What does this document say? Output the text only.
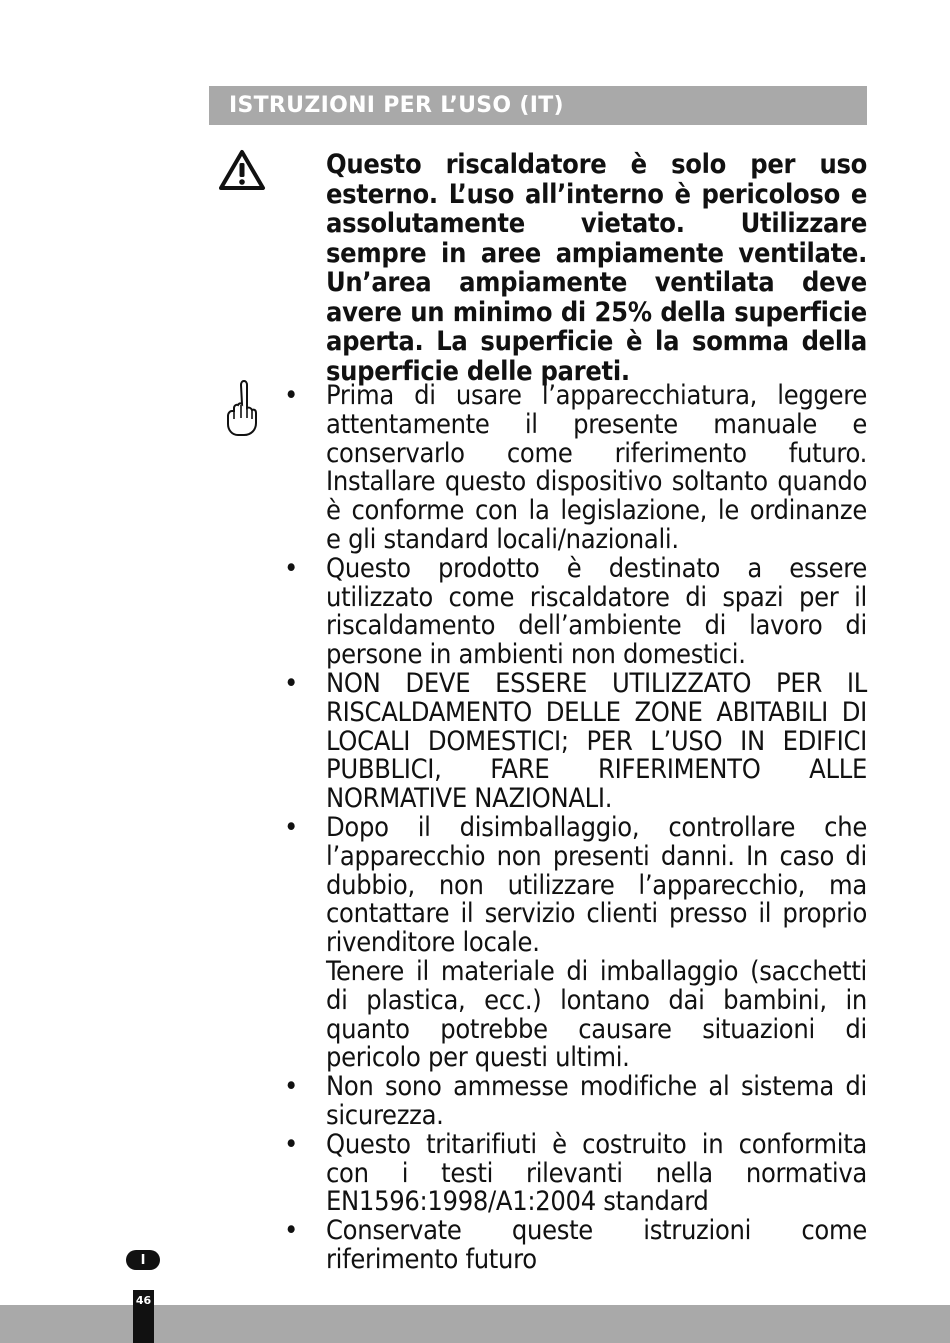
ISTRUZIONI PER L’USO (IT)

Questo riscaldatore è solo per uso esterno. L’uso all’interno è pericoloso e assolutamente vietato. Utilizzare sempre in aree ampiamente ventilate. Un’area ampiamente ventilata deve avere un minimo di 25% della superficie aperta. La superficie è la somma della superficie delle pareti.

• Prima di usare l’apparecchiatura, leggere attentamente il presente manuale e conservarlo come riferimento futuro. Installare questo dispositivo soltanto quando è conforme con la legislazione, le ordinanze e gli standard locali/nazionali.

• Questo prodotto è destinato a essere utilizzato come riscaldatore di spazi per il riscaldamento dell’ambiente di lavoro di persone in ambienti non domestici.

• NON DEVE ESSERE UTILIZZATO PER IL RISCALDAMENTO DELLE ZONE ABITABILI DI LOCALI DOMESTICI; PER L’USO IN EDIFICI PUBBLICI, FARE RIFERIMENTO ALLE NORMATIVE NAZIONALI.

• Dopo il disimballaggio, controllare che l’apparecchio non presenti danni. In caso di dubbio, non utilizzare l’apparecchio, ma contattare il servizio clienti presso il proprio rivenditore locale.

Tenere il materiale di imballaggio (sacchetti di plastica, ecc.) lontano dai bambini, in quanto potrebbe causare situazioni di pericolo per questi ultimi.

• Non sono ammesse modifiche al sistema di sicurezza.

• Questo tritarifiuti è costruito in conformita con i testi rilevanti nella normativa EN1596:1998/A1:2004 standard

• Conservate queste istruzioni come riferimento futuro

I
46
